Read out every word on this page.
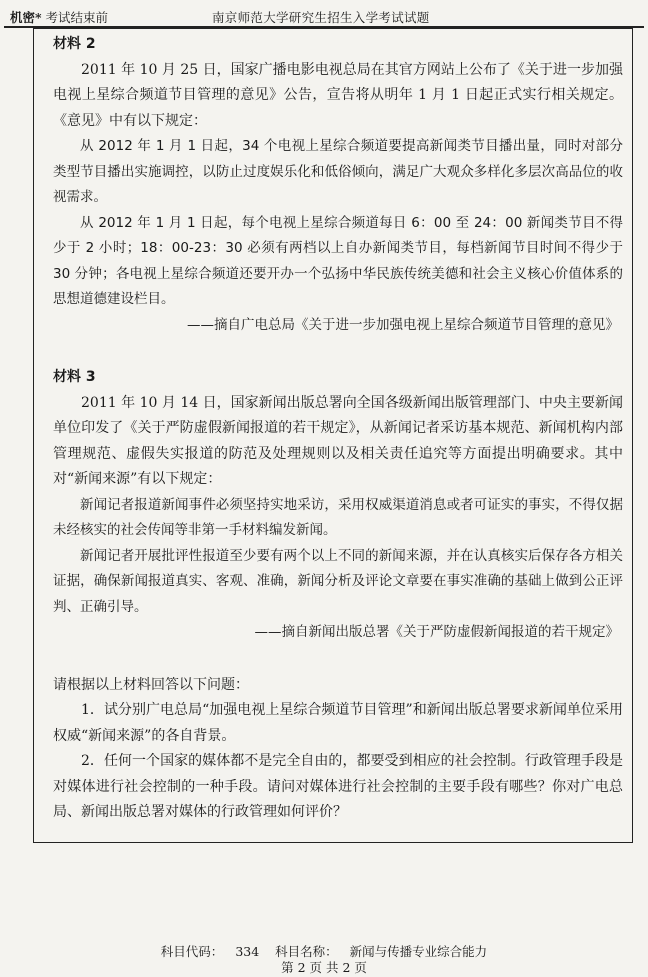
机密* 考试结束前	南京师范大学研究生招生入学考试试题
材料 2
2011 年 10 月 25 日，国家广播电影电视总局在其官方网站上公布了《关于进一步加强电视上星综合频道节目管理的意见》公告，宣告将从明年 1 月 1 日起正式实行相关规定。《意见》中有以下规定：
从 2012 年 1 月 1 日起，34 个电视上星综合频道要提高新闻类节目播出量，同时对部分类型节目播出实施调控，以防止过度娱乐化和低俗倾向，满足广大观众多样化多层次高品位的收视需求。
从 2012 年 1 月 1 日起，每个电视上星综合频道每日 6：00 至 24：00 新闻类节目不得少于 2 小时；18：00-23：30 必须有两档以上自办新闻类节目，每档新闻节目时间不得少于 30 分钟；各电视上星综合频道还要开办一个弘扬中华民族传统美德和社会主义核心价值体系的思想道德建设栏目。
——摘自广电总局《关于进一步加强电视上星综合频道节目管理的意见》
材料 3
2011 年 10 月 14 日，国家新闻出版总署向全国各级新闻出版管理部门、中央主要新闻单位印发了《关于严防虚假新闻报道的若干规定》，从新闻记者采访基本规范、新闻机构内部管理规范、虚假失实报道的防范及处理规则以及相关责任追究等方面提出明确要求。其中对“新闻来源”有以下规定：
新闻记者报道新闻事件必须坚持实地采访，采用权威渠道消息或者可证实的事实，不得仅据未经核实的社会传闻等非第一手材料编发新闻。
新闻记者开展批评性报道至少要有两个以上不同的新闻来源，并在认真核实后保存各方相关证据，确保新闻报道真实、客观、准确，新闻分析及评论文章要在事实准确的基础上做到公正评判、正确引导。
——摘自新闻出版总署《关于严防虚假新闻报道的若干规定》
请根据以上材料回答以下问题：
1．试分别广电总局“加强电视上星综合频道节目管理”和新闻出版总署要求新闻单位采用权威“新闻来源”的各自背景。
2．任何一个国家的媒体都不是完全自由的，都要受到相应的社会控制。行政管理手段是对媒体进行社会控制的一种手段。请问对媒体进行社会控制的主要手段有哪些？你对广电总局、新闻出版总署对媒体的行政管理如何评价？
科目代码： 334 科目名称： 新闻与传播专业综合能力
第 2 页 共 2 页
